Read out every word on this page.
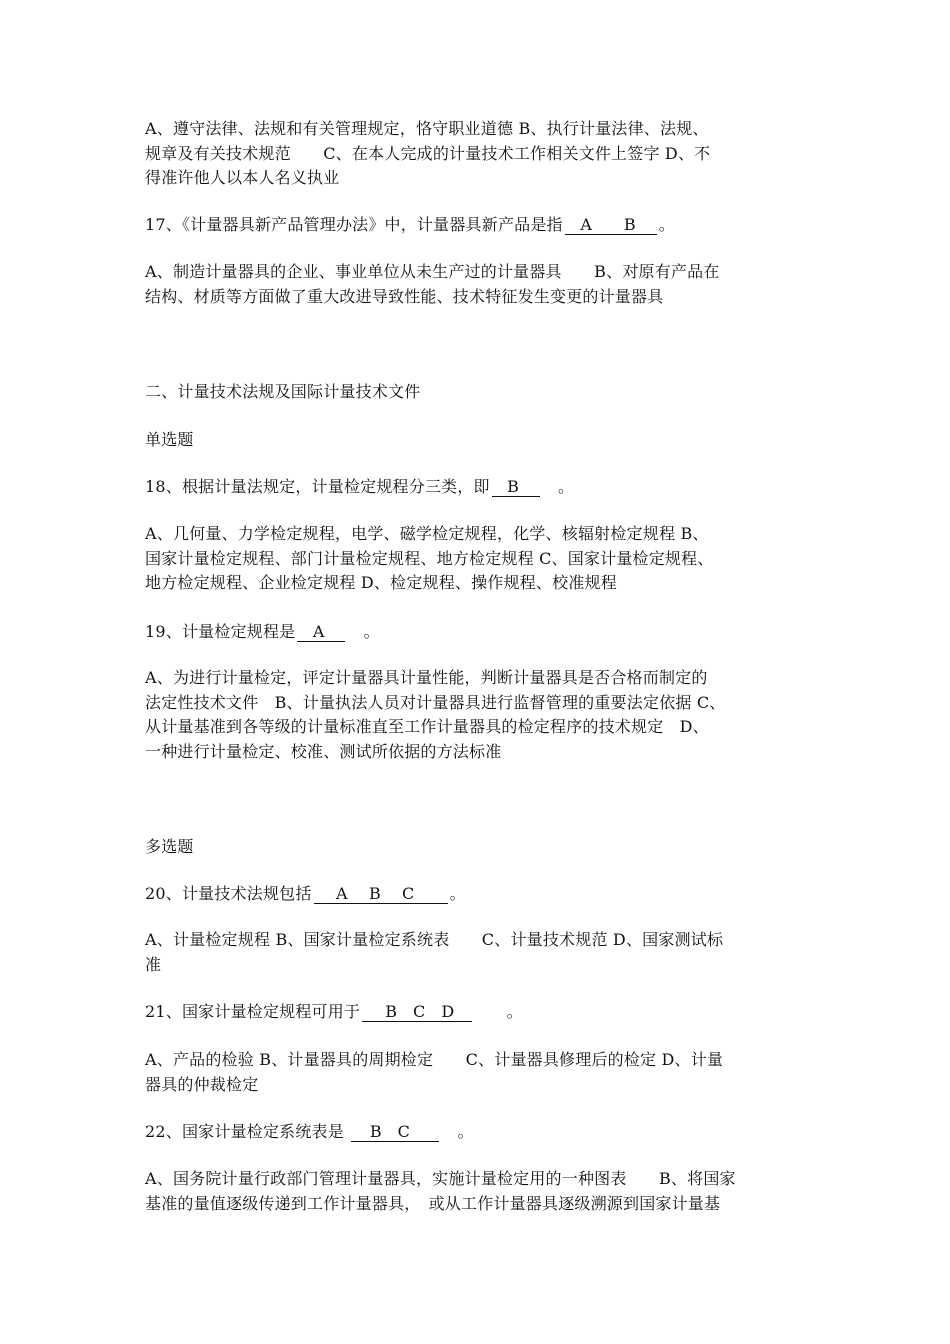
A、遵守法律、法规和有关管理规定，恪守职业道德 B、执行计量法律、法规、
规章及有关技术规范　　C、在本人完成的计量技术工作相关文件上签字 D、不
得准许他人以本人名义执业
17、《计量器具新产品管理办法》中，计量器具新产品是指  A      B   。
A、制造计量器具的企业、事业单位从未生产过的计量器具　　B、对原有产品在
结构、材质等方面做了重大改进导致性能、技术特征发生变更的计量器具
二、计量技术法规及国际计量技术文件
单选题
18、根据计量法规定，计量检定规程分三类，即  B   　。
A、几何量、力学检定规程，电学、磁学检定规程，化学、核辐射检定规程 B、
国家计量检定规程、部门计量检定规程、地方检定规程 C、国家计量检定规程、
地方检定规程、企业检定规程 D、检定规程、操作规程、校准规程
19、计量检定规程是  A   　。
A、为进行计量检定，评定计量器具计量性能，判断计量器具是否合格而制定的
法定性技术文件　B、计量执法人员对计量器具进行监督管理的重要法定依据 C、
从计量基准到各等级的计量标准直至工作计量器具的检定程序的技术规定　D、
一种进行计量检定、校准、测试所依据的方法标准
多选题
20、计量技术法规包括  A    B    C    。
A、计量检定规程 B、国家计量检定系统表　　C、计量技术规范 D、国家测试标
准
21、国家计量检定规程可用于  B   C   D 　　	。
A、产品的检验 B、计量器具的周期检定　　C、计量器具修理后的检定 D、计量
器具的仲裁检定
22、国家计量检定系统表是   B   C    　。
A、国务院计量行政部门管理计量器具，实施计量检定用的一种图表　　B、将国家
基准的量值逐级传递到工作计量器具，　或从工作计量器具逐级溯源到国家计量基
